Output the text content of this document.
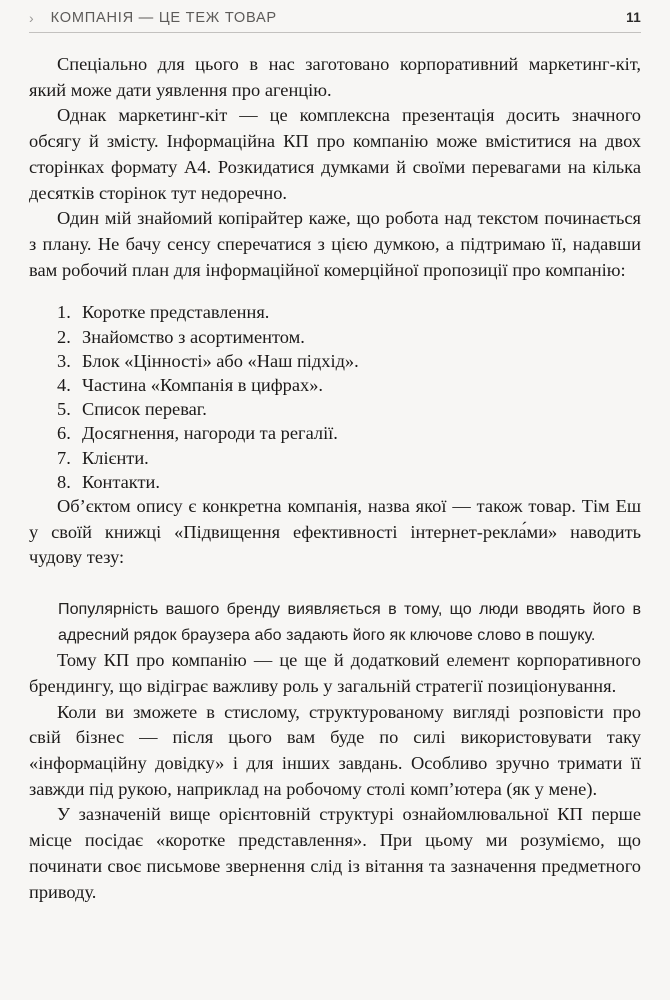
› КОМПАНІЯ — ЦЕ ТЕЖ ТОВАР	11

Спеціально для цього в нас заготовано корпоративний маркетинг-кіт, який може дати уявлення про агенцію.

Однак маркетинг-кіт — це комплексна презентація досить значного обсягу й змісту. Інформаційна КП про компанію може вміститися на двох сторінках формату А4. Розкидатися думками й своїми перевагами на кілька десятків сторінок тут недоречно.

Один мій знайомий копірайтер каже, що робота над текстом починається з плану. Не бачу сенсу сперечатися з цією думкою, а підтримаю її, надавши вам робочий план для інформаційної комерційної пропозиції про компанію:

Коротке представлення.
Знайомство з асортиментом.
Блок «Цінності» або «Наш підхід».
Частина «Компанія в цифрах».
Список переваг.
Досягнення, нагороди та регалії.
Клієнти.
Контакти.

Об’єктом опису є конкретна компанія, назва якої — також товар. Тім Еш у своїй книжці «Підвищення ефективності інтернет-рекла́ми» наводить чудову тезу:

Популярність вашого бренду виявляється в тому, що люди вводять його в адресний рядок браузера або задають його як ключове слово в пошуку.

Тому КП про компанію — це ще й додатковий елемент корпоративного брендингу, що відіграє важливу роль у загальній стратегії позиціонування.

Коли ви зможете в стислому, структурованому вигляді розповісти про свій бізнес — після цього вам буде по силі використовувати таку «інформаційну довідку» і для інших завдань. Особливо зручно тримати її завжди під рукою, наприклад на робочому столі комп’ютера (як у мене).

У зазначеній вище орієнтовній структурі ознайомлювальної КП перше місце посідає «коротке представлення». При цьому ми розуміємо, що починати своє письмове звернення слід із вітання та зазначення предметного приводу.
